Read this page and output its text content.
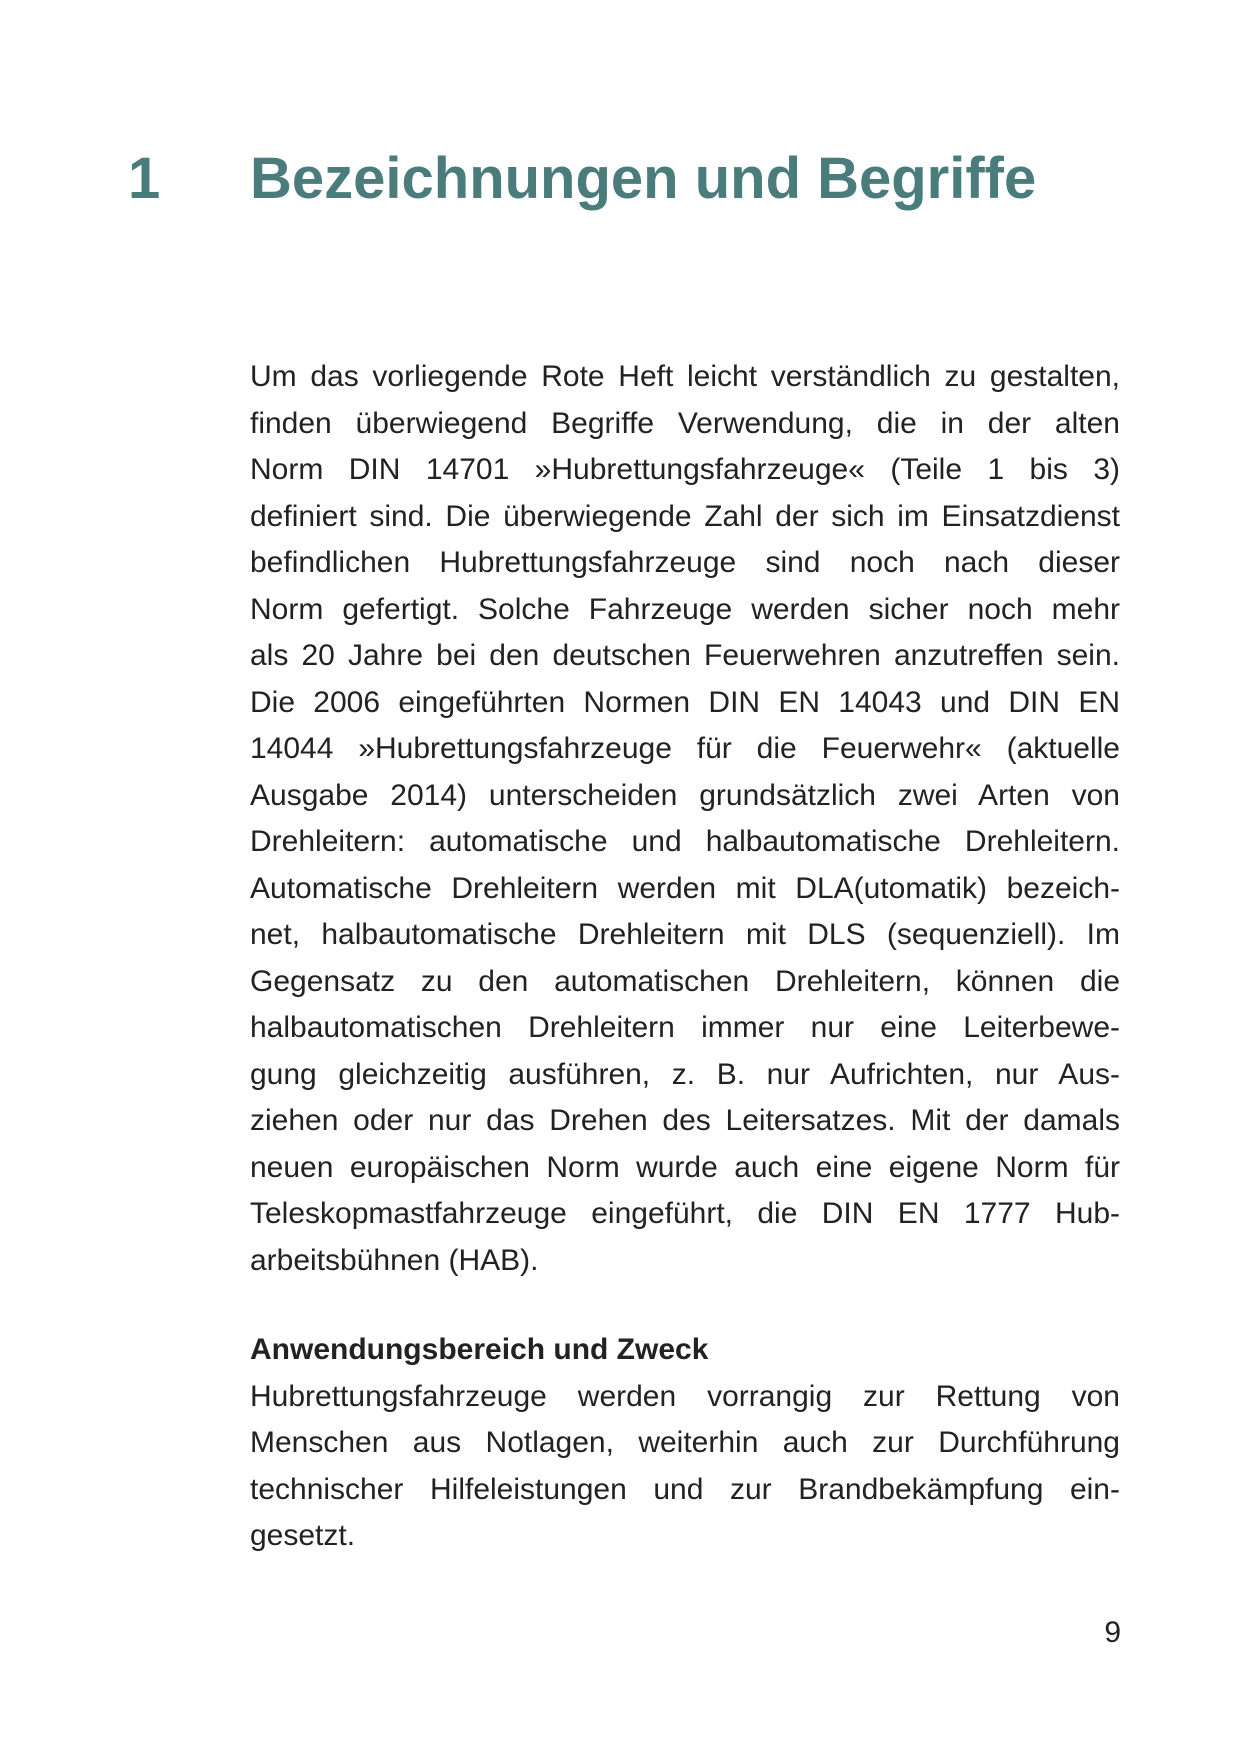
1 Bezeichnungen und Begriffe
Um das vorliegende Rote Heft leicht verständlich zu gestalten,
finden überwiegend Begriffe Verwendung, die in der alten
Norm DIN 14701 »Hubrettungsfahrzeuge« (Teile 1 bis 3)
definiert sind. Die überwiegende Zahl der sich im Einsatzdienst
befindlichen Hubrettungsfahrzeuge sind noch nach dieser
Norm gefertigt. Solche Fahrzeuge werden sicher noch mehr
als 20 Jahre bei den deutschen Feuerwehren anzutreffen sein.
Die 2006 eingeführten Normen DIN EN 14043 und DIN EN
14044 »Hubrettungsfahrzeuge für die Feuerwehr« (aktuelle
Ausgabe 2014) unterscheiden grundsätzlich zwei Arten von
Drehleitern: automatische und halbautomatische Drehleitern.
Automatische Drehleitern werden mit DLA(utomatik) bezeich-
net, halbautomatische Drehleitern mit DLS (sequenziell). Im
Gegensatz zu den automatischen Drehleitern, können die
halbautomatischen Drehleitern immer nur eine Leiterbewe-
gung gleichzeitig ausführen, z. B. nur Aufrichten, nur Aus-
ziehen oder nur das Drehen des Leitersatzes. Mit der damals
neuen europäischen Norm wurde auch eine eigene Norm für
Teleskopmastfahrzeuge eingeführt, die DIN EN 1777 Hub-
arbeitsbühnen (HAB).
Anwendungsbereich und Zweck
Hubrettungsfahrzeuge werden vorrangig zur Rettung von
Menschen aus Notlagen, weiterhin auch zur Durchführung
technischer Hilfeleistungen und zur Brandbekämpfung ein-
gesetzt.
9
